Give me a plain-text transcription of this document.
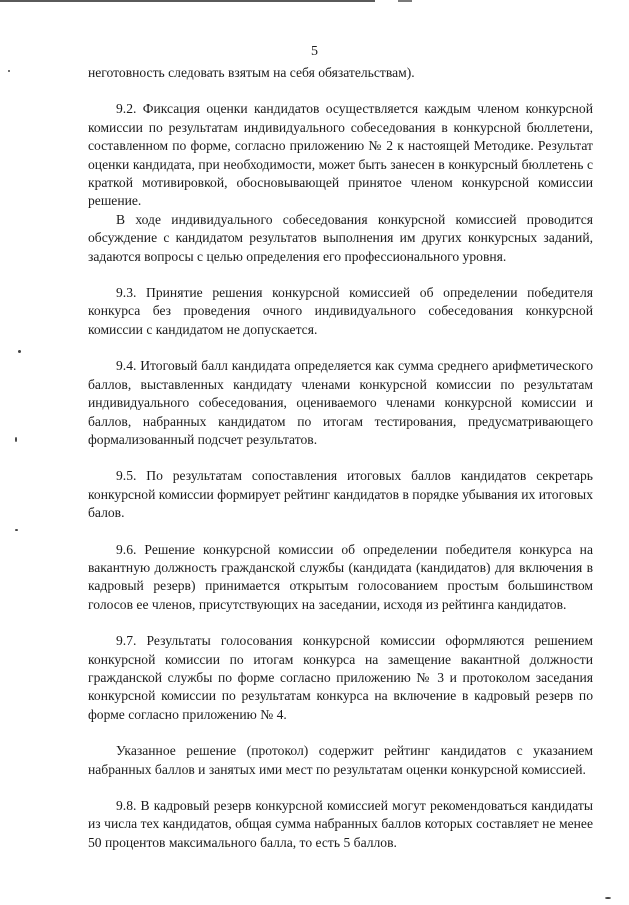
5

неготовность следовать взятым на себя обязательствам).

9.2. Фиксация оценки кандидатов осуществляется каждым членом конкурсной комиссии по результатам индивидуального собеседования в конкурсной бюллетени, составленном по форме, согласно приложению № 2 к настоящей Методике. Результат оценки кандидата, при необходимости, может быть занесен в конкурсный бюллетень с краткой мотивировкой, обосновывающей принятое членом конкурсной комиссии решение.

В ходе индивидуального собеседования конкурсной комиссией проводится обсуждение с кандидатом результатов выполнения им других конкурсных заданий, задаются вопросы с целью определения его профессионального уровня.

9.3. Принятие решения конкурсной комиссией об определении победителя конкурса без проведения очного индивидуального собеседования конкурсной комиссии с кандидатом не допускается.

9.4. Итоговый балл кандидата определяется как сумма среднего арифметического баллов, выставленных кандидату членами конкурсной комиссии по результатам индивидуального собеседования, оцениваемого членами конкурсной комиссии и баллов, набранных кандидатом по итогам тестирования, предусматривающего формализованный подсчет результатов.

9.5. По результатам сопоставления итоговых баллов кандидатов секретарь конкурсной комиссии формирует рейтинг кандидатов в порядке убывания их итоговых балов.

9.6. Решение конкурсной комиссии об определении победителя конкурса на вакантную должность гражданской службы (кандидата (кандидатов) для включения в кадровый резерв) принимается открытым голосованием простым большинством голосов ее членов, присутствующих на заседании, исходя из рейтинга кандидатов.

9.7. Результаты голосования конкурсной комиссии оформляются решением конкурсной комиссии по итогам конкурса на замещение вакантной должности гражданской службы по форме согласно приложению № 3 и протоколом заседания конкурсной комиссии по результатам конкурса на включение в кадровый резерв по форме согласно приложению № 4.

Указанное решение (протокол) содержит рейтинг кандидатов с указанием набранных баллов и занятых ими мест по результатам оценки конкурсной комиссией.

9.8. В кадровый резерв конкурсной комиссией могут рекомендоваться кандидаты из числа тех кандидатов, общая сумма набранных баллов которых составляет не менее 50 процентов максимального балла, то есть 5 баллов.
